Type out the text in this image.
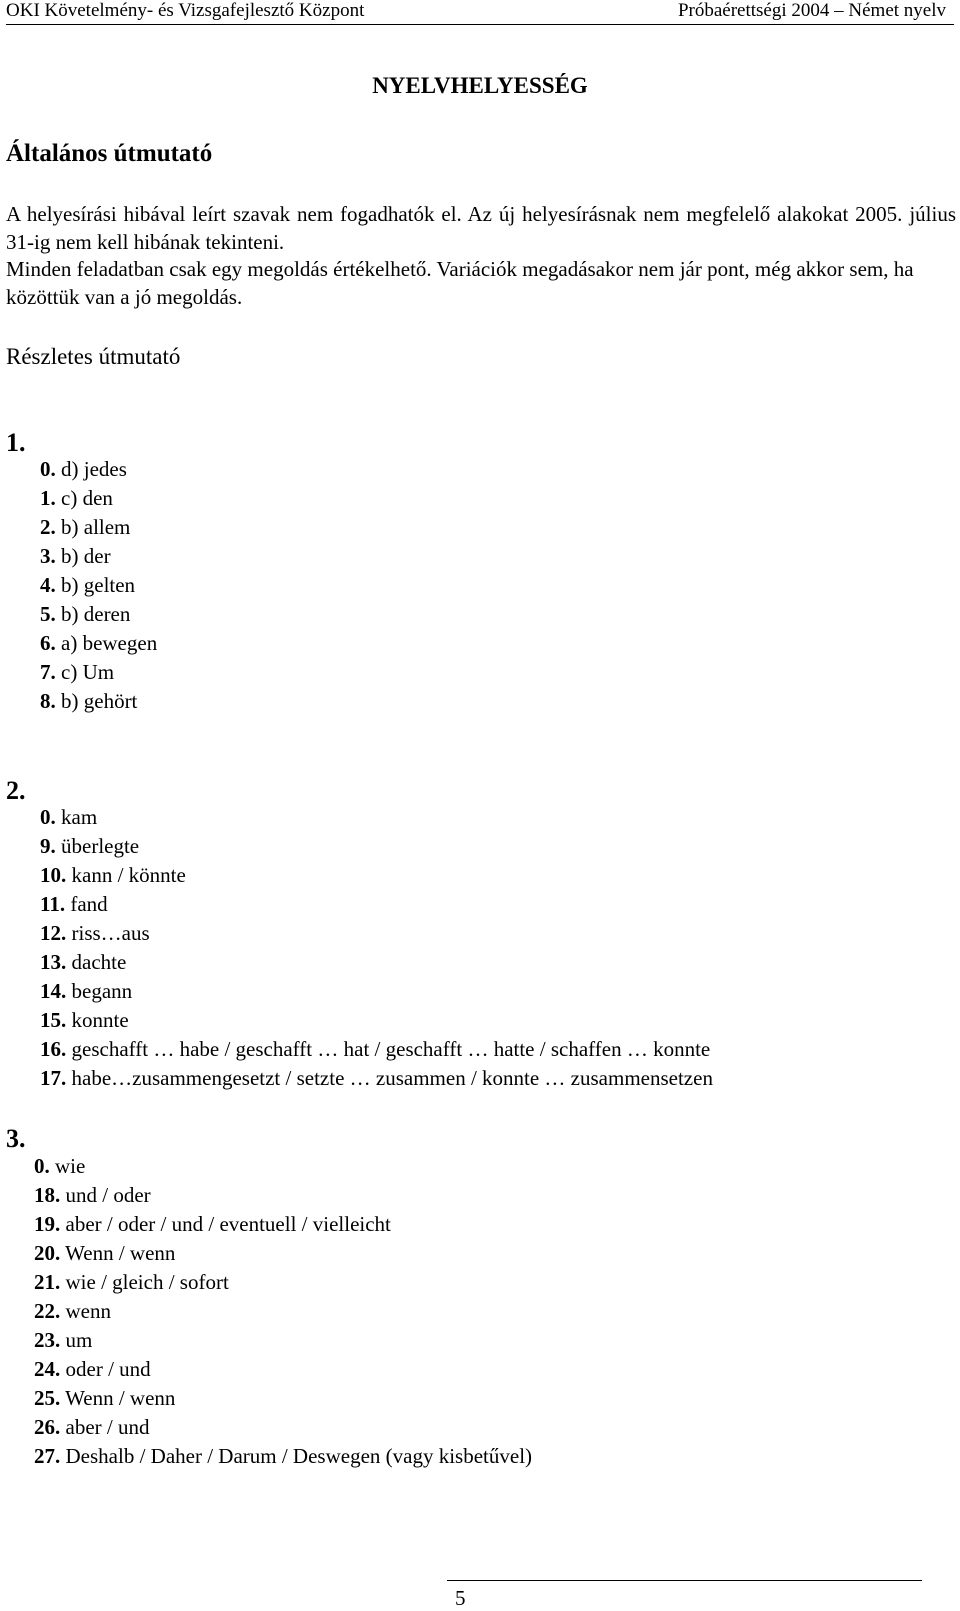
OKI Követelmény- és Vizsgafejlesztő Központ	Próbaérettségi 2004 – Német nyelv
NYELVHELYESSÉG
Általános útmutató
A helyesírási hibával leírt szavak nem fogadhatók el. Az új helyesírásnak nem megfelelő alakokat 2005. július 31-ig nem kell hibának tekinteni.
Minden feladatban csak egy megoldás értékelhető. Variációk megadásakor nem jár pont, még akkor sem, ha közöttük van a jó megoldás.
Részletes útmutató
1.
0. d) jedes
1. c) den
2. b) allem
3. b) der
4. b) gelten
5. b) deren
6. a) bewegen
7. c) Um
8. b) gehört
2.
0. kam
9. überlegte
10. kann / könnte
11. fand
12. riss…aus
13. dachte
14. begann
15. konnte
16. geschafft … habe / geschafft … hat / geschafft … hatte / schaffen … konnte
17. habe…zusammengesetzt / setzte … zusammen / konnte … zusammensetzen
3.
0. wie
18. und / oder
19. aber / oder / und / eventuell / vielleicht
20. Wenn / wenn
21. wie / gleich / sofort
22. wenn
23. um
24. oder / und
25. Wenn / wenn
26. aber / und
27. Deshalb / Daher / Darum / Deswegen (vagy kisbetűvel)
5
